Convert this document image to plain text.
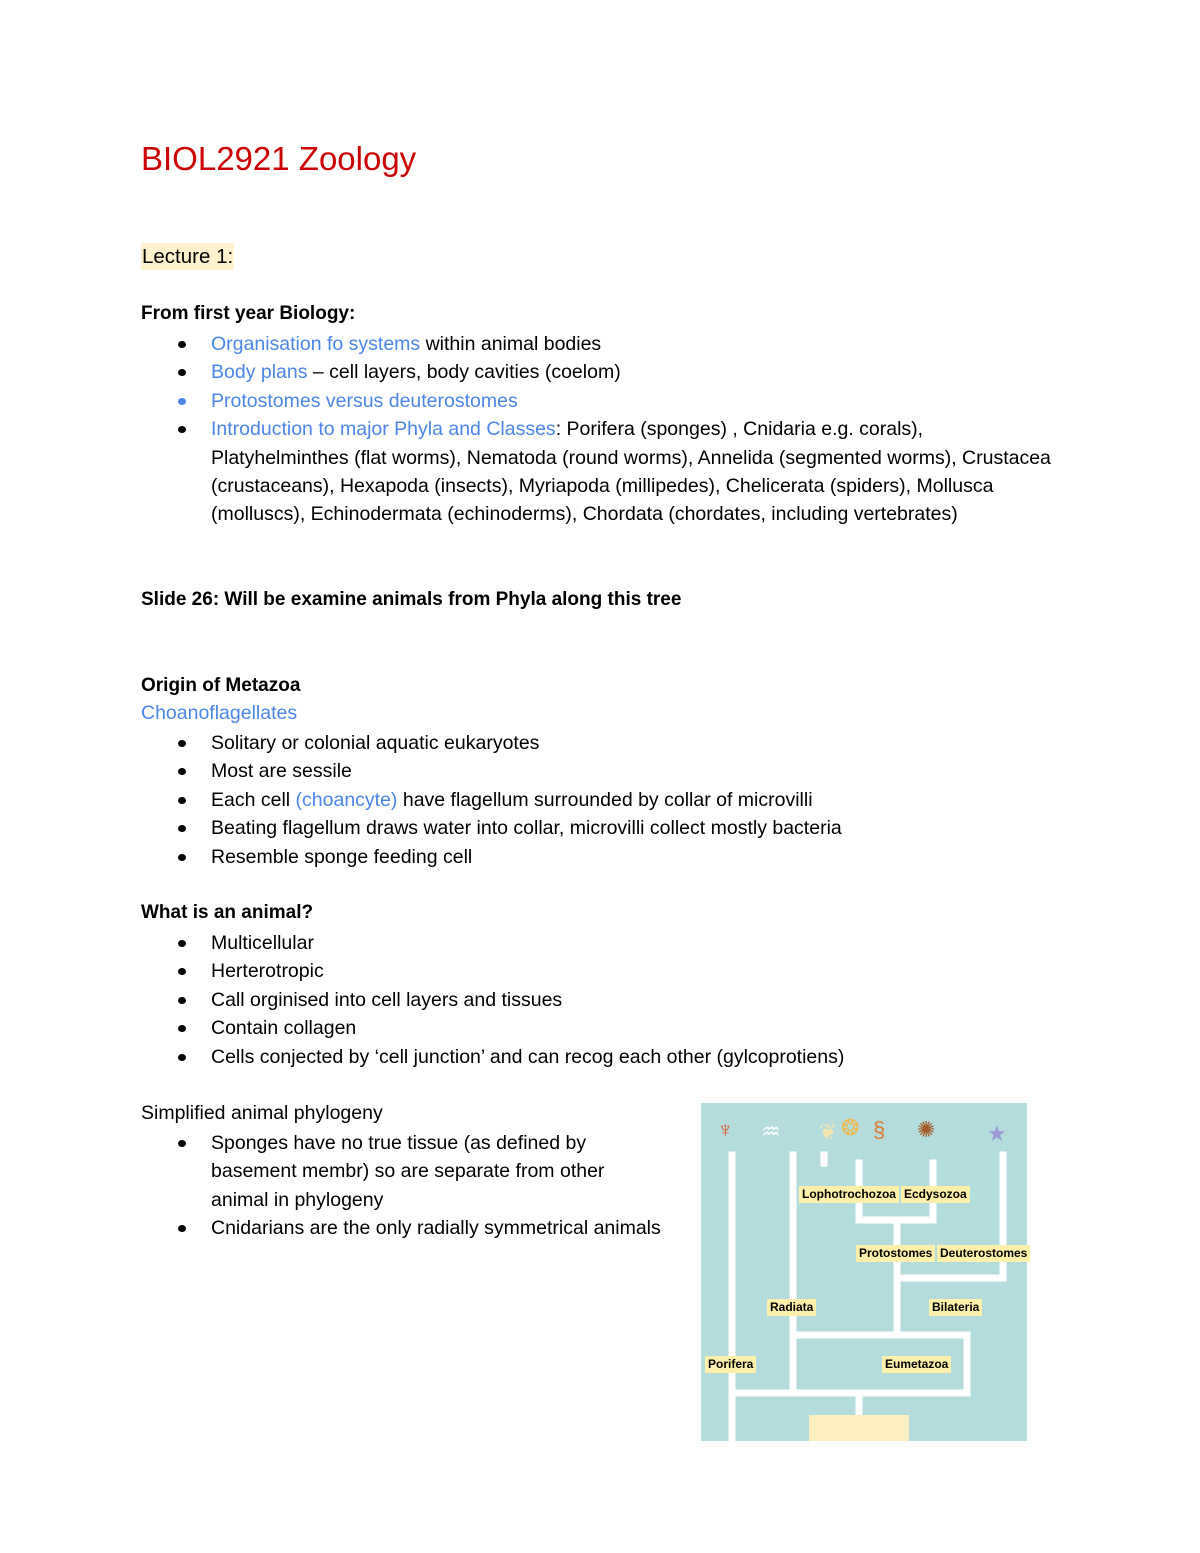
BIOL2921 Zoology
Lecture 1:

From first year Biology:

Organisation fo systems within animal bodies
Body plans – cell layers, body cavities (coelom)
Protostomes versus deuterostomes
Introduction to major Phyla and Classes: Porifera (sponges) , Cnidaria e.g. corals), Platyhelminthes (flat worms), Nematoda (round worms), Annelida (segmented worms), Crustacea (crustaceans), Hexapoda (insects), Myriapoda (millipedes), Chelicerata (spiders), Mollusca (molluscs), Echinodermata (echinoderms), Chordata (chordates, including vertebrates)

Slide 26: Will be examine animals from Phyla along this tree

Origin of Metazoa

Choanoflagellates

Solitary or colonial aquatic eukaryotes
Most are sessile
Each cell (choancyte) have flagellum surrounded by collar of microvilli
Beating flagellum draws water into collar, microvilli collect mostly bacteria
Resemble sponge feeding cell

What is an animal?

Multicellular
Herterotropic
Call orginised into cell layers and tissues
Contain collagen
Cells conjected by ‘cell junction’ and can recog each other (gylcoprotiens)

Simplified animal phylogeny

Sponges have no true tissue (as defined by basement membr) so are separate from other animal in phylogeny
Cnidarians are the only radially symmetrical animals
♆ ♒ ❦ ❂ § ✺ ★
Lophotrochozoa Ecdysozoa
Protostomes Deuterostomes
Radiata	Bilateria
Porifera	Eumetazoa
